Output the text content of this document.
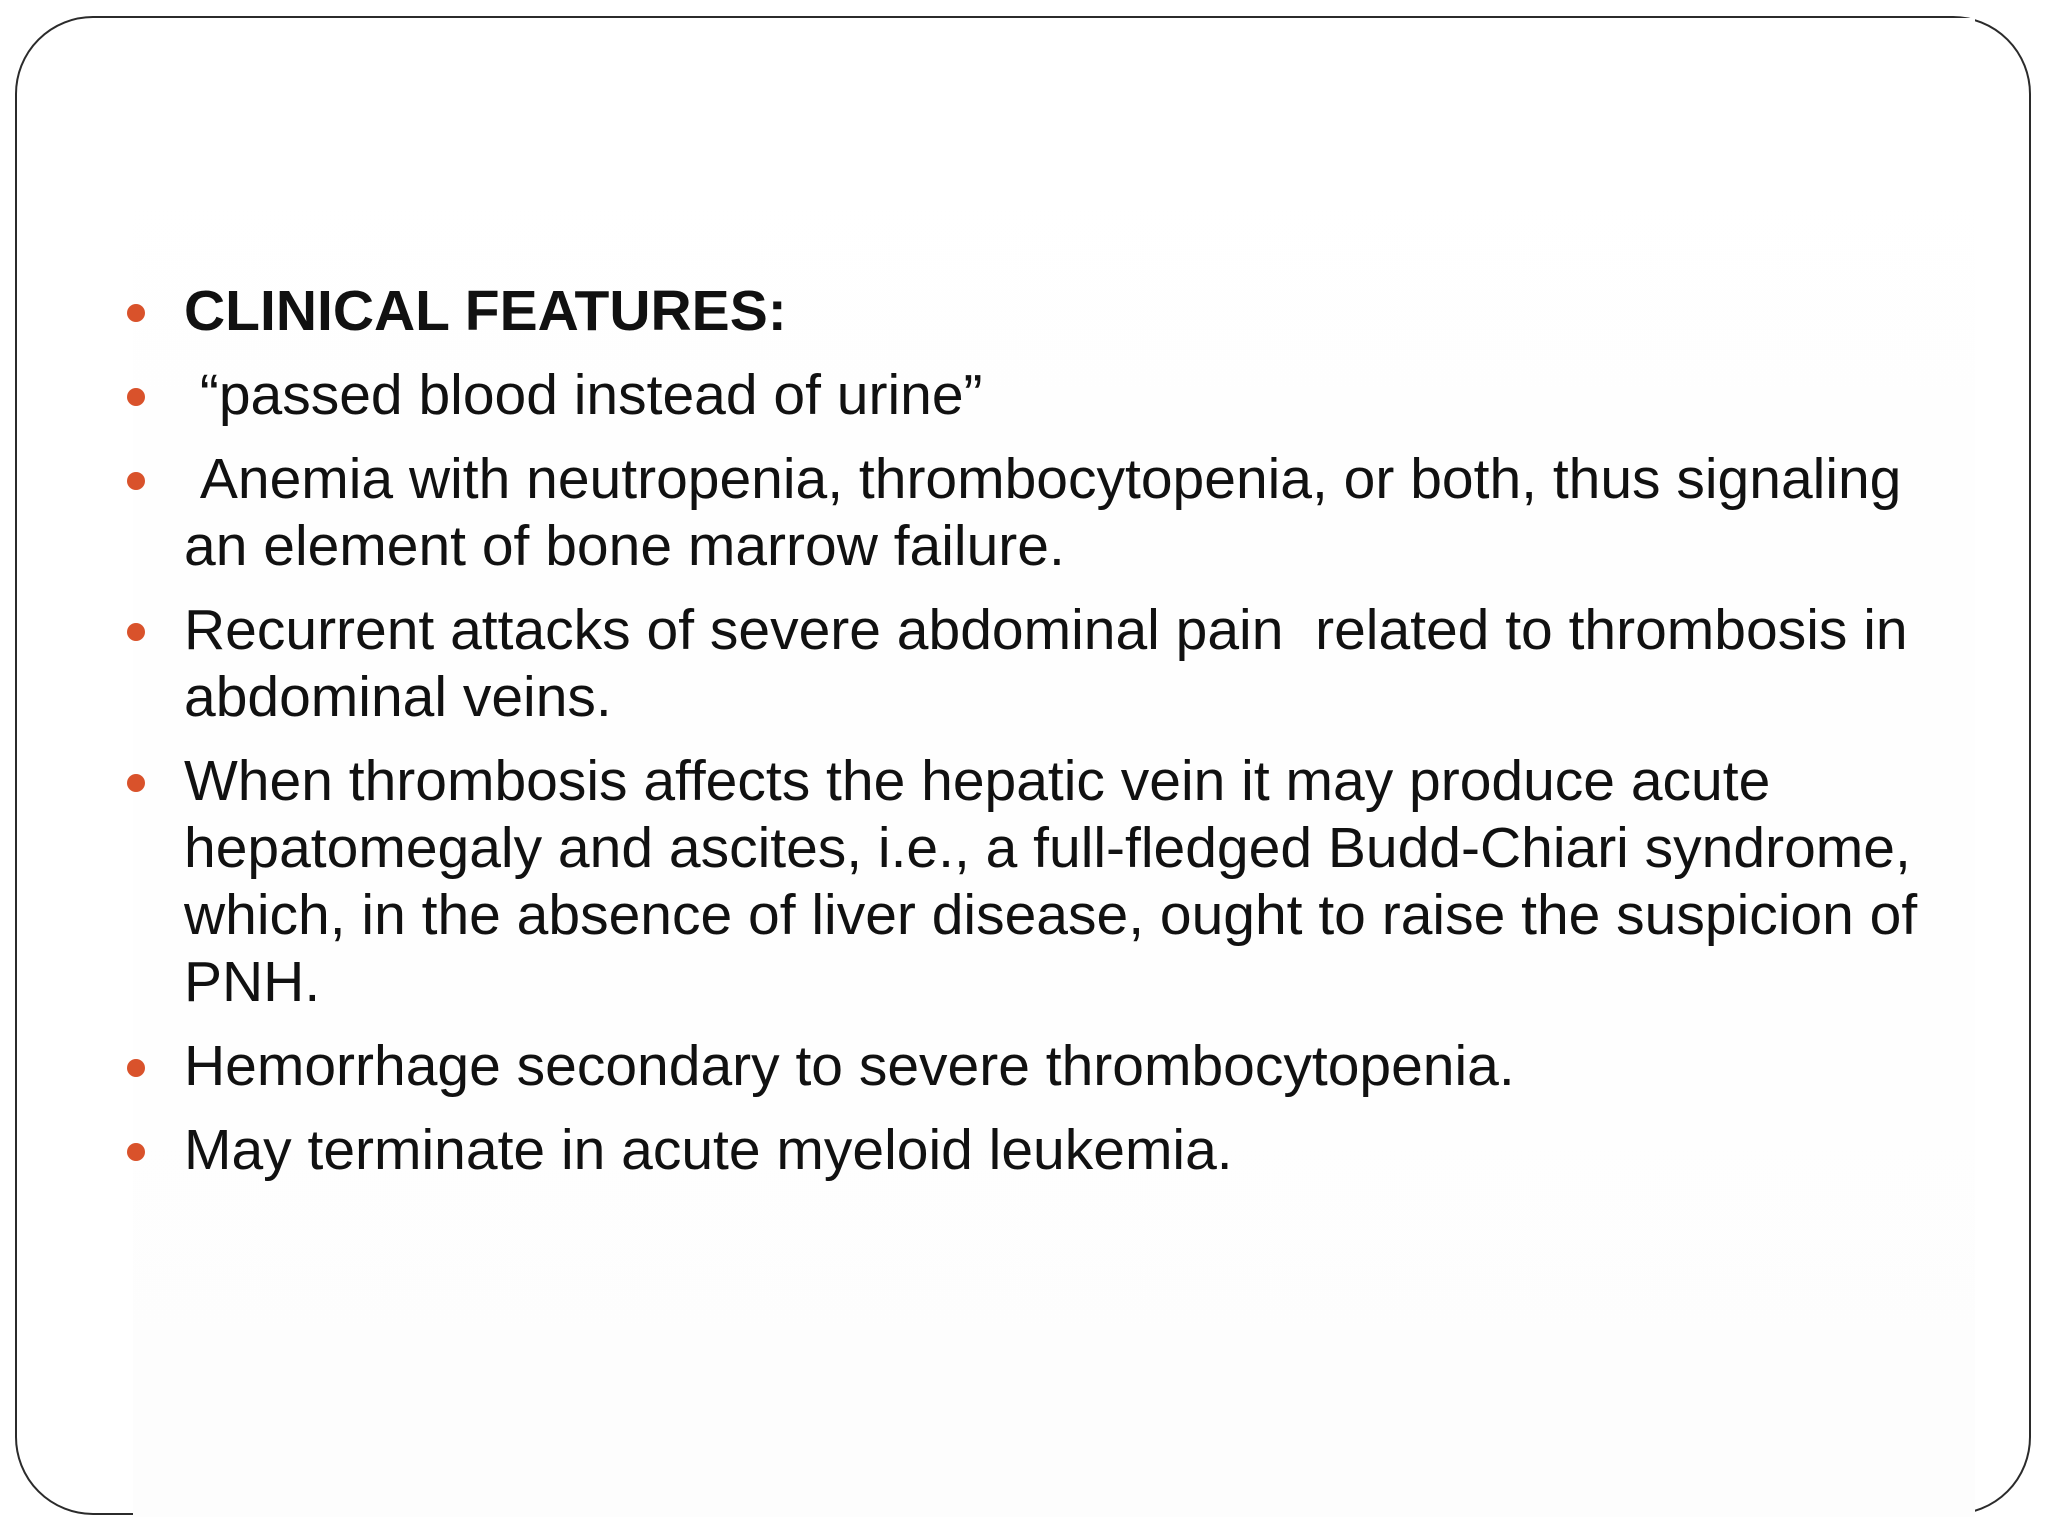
CLINICAL FEATURES:
“passed blood instead of urine”
Anemia with neutropenia, thrombocytopenia, or both, thus signaling an element of bone marrow failure.
Recurrent attacks of severe abdominal pain  related to thrombosis in abdominal veins.
When thrombosis affects the hepatic vein it may produce acute hepatomegaly and ascites, i.e., a full-fledged Budd-Chiari syndrome, which, in the absence of liver disease, ought to raise the suspicion of PNH.
Hemorrhage secondary to severe thrombocytopenia.
May terminate in acute myeloid leukemia.
